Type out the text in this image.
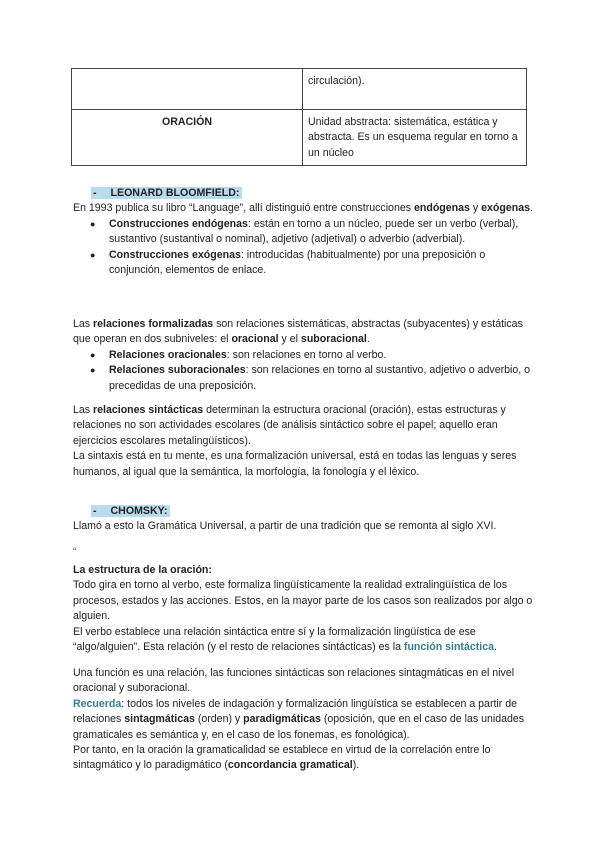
	circulación).
ORACIÓN	Unidad abstracta: sistemática, estática y abstracta. Es un esquema regular en torno a un núcleo

- LEONARD BLOOMFIELD:

En 1993 publica su libro “Language”, allí distinguió entre construcciones endógenas y exógenas.

● Construcciones endógenas: están en torno a un núcleo, puede ser un verbo (verbal), sustantivo (sustantival o nominal), adjetivo (adjetival) o adverbio (adverbial).
● Construcciones exógenas: introducidas (habitualmente) por una preposición o conjunción, elementos de enlace.

Las relaciones formalizadas son relaciones sistemáticas, abstractas (subyacentes) y estáticas que operan en dos subniveles: el oracional y el suboracional.

● Relaciones oracionales: son relaciones en torno al verbo.
● Relaciones suboracionales: son relaciones en torno al sustantivo, adjetivo o adverbio, o precedidas de una preposición.

Las relaciones sintácticas determinan la estructura oracional (oración), estas estructuras y relaciones no son actividades escolares (de análisis sintáctico sobre el papel; aquello eran ejercicios escolares metalingüísticos).

La sintaxis está en tu mente, es una formalización universal, está en todas las lenguas y seres humanos, al igual que la semántica, la morfología, la fonología y el léxico.

- CHOMSKY:

Llamó a esto la Gramática Universal, a partir de una tradición que se remonta al siglo XVI.

“

La estructura de la oración:

Todo gira en torno al verbo, este formaliza lingüísticamente la realidad extralingüística de los procesos, estados y las acciones. Estos, en la mayor parte de los casos son realizados por algo o alguien.

El verbo establece una relación sintáctica entre sí y la formalización lingüística de ese “algo/alguien”. Esta relación (y el resto de relaciones sintácticas) es la función sintáctica.

Una función es una relación, las funciones sintácticas son relaciones sintagmáticas en el nivel oracional y suboracional.

Recuerda: todos los niveles de indagación y formalización lingüística se establecen a partir de relaciones sintagmáticas (orden) y paradigmáticas (oposición, que en el caso de las unidades gramaticales es semántica y, en el caso de los fonemas, es fonológica).

Por tanto, en la oración la gramaticalidad se establece en virtud de la correlación entre lo sintagmático y lo paradigmático (concordancia gramatical).
